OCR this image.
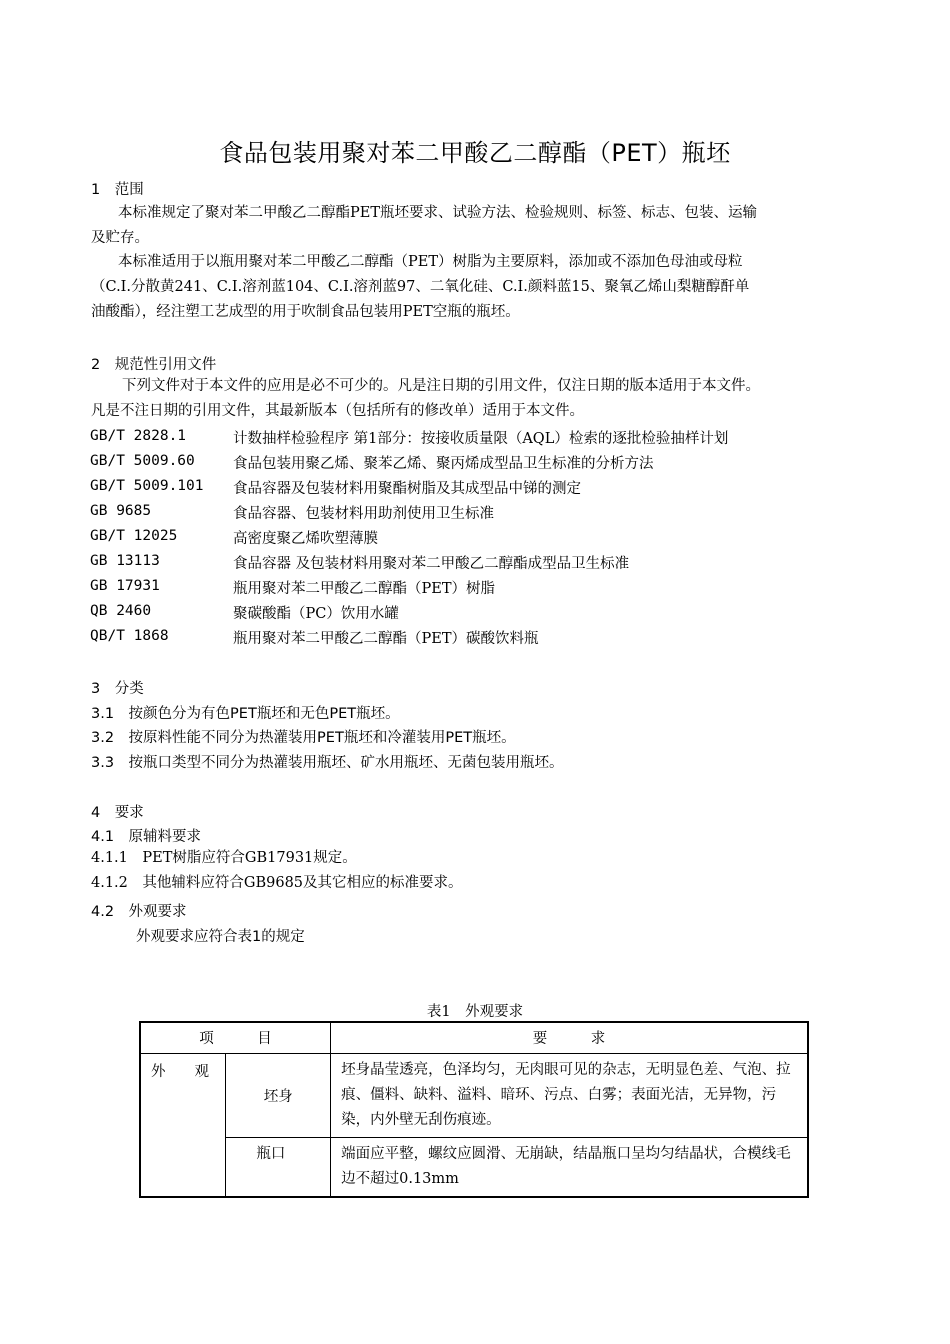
食品包装用聚对苯二甲酸乙二醇酯（PET）瓶坯
1　范围
本标准规定了聚对苯二甲酸乙二醇酯PET瓶坯要求、试验方法、检验规则、标签、标志、包装、运输
及贮存。
本标准适用于以瓶用聚对苯二甲酸乙二醇酯（PET）树脂为主要原料，添加或不添加色母油或母粒
（C.I.分散黄241、C.I.溶剂蓝104、C.I.溶剂蓝97、二氧化硅、C.I.颜料蓝15、聚氧乙烯山梨糖醇酐单
油酸酯），经注塑工艺成型的用于吹制食品包装用PET空瓶的瓶坯。
2　规范性引用文件
下列文件对于本文件的应用是必不可少的。凡是注日期的引用文件，仅注日期的版本适用于本文件。
凡是不注日期的引用文件，其最新版本（包括所有的修改单）适用于本文件。
GB/T 2828.1	计数抽样检验程序 第1部分：按接收质量限（AQL）检索的逐批检验抽样计划
GB/T 5009.60	食品包装用聚乙烯、聚苯乙烯、聚丙烯成型品卫生标准的分析方法
GB/T 5009.101 食品容器及包装材料用聚酯树脂及其成型品中锑的测定
GB 9685	食品容器、包装材料用助剂使用卫生标准
GB/T 12025	高密度聚乙烯吹塑薄膜
GB 13113	食品容器 及包装材料用聚对苯二甲酸乙二醇酯成型品卫生标准
GB 17931	瓶用聚对苯二甲酸乙二醇酯（PET）树脂
QB 2460	聚碳酸酯（PC）饮用水罐
QB/T 1868	瓶用聚对苯二甲酸乙二醇酯（PET）碳酸饮料瓶
3　分类
3.1　按颜色分为有色PET瓶坯和无色PET瓶坯。
3.2　按原料性能不同分为热灌装用PET瓶坯和冷灌装用PET瓶坯。
3.3　按瓶口类型不同分为热灌装用瓶坯、矿水用瓶坯、无菌包装用瓶坯。
4　要求
4.1　原辅料要求
4.1.1　PET树脂应符合GB17931规定。
4.1.2　其他辅料应符合GB9685及其它相应的标准要求。
4.2　外观要求
外观要求应符合表1的规定
表1　外观要求
项　　　目		要　　　求
外　　观	坯身	坯身晶莹透亮，色泽均匀，无肉眼可见的杂志，无明显色差、气泡、拉痕、僵料、缺料、溢料、暗环、污点、白雾；表面光洁，无异物，污染，内外壁无刮伤痕迹。
	瓶口	端面应平整，螺纹应圆滑、无崩缺，结晶瓶口呈均匀结晶状，合模线毛边不超过0.13mm
